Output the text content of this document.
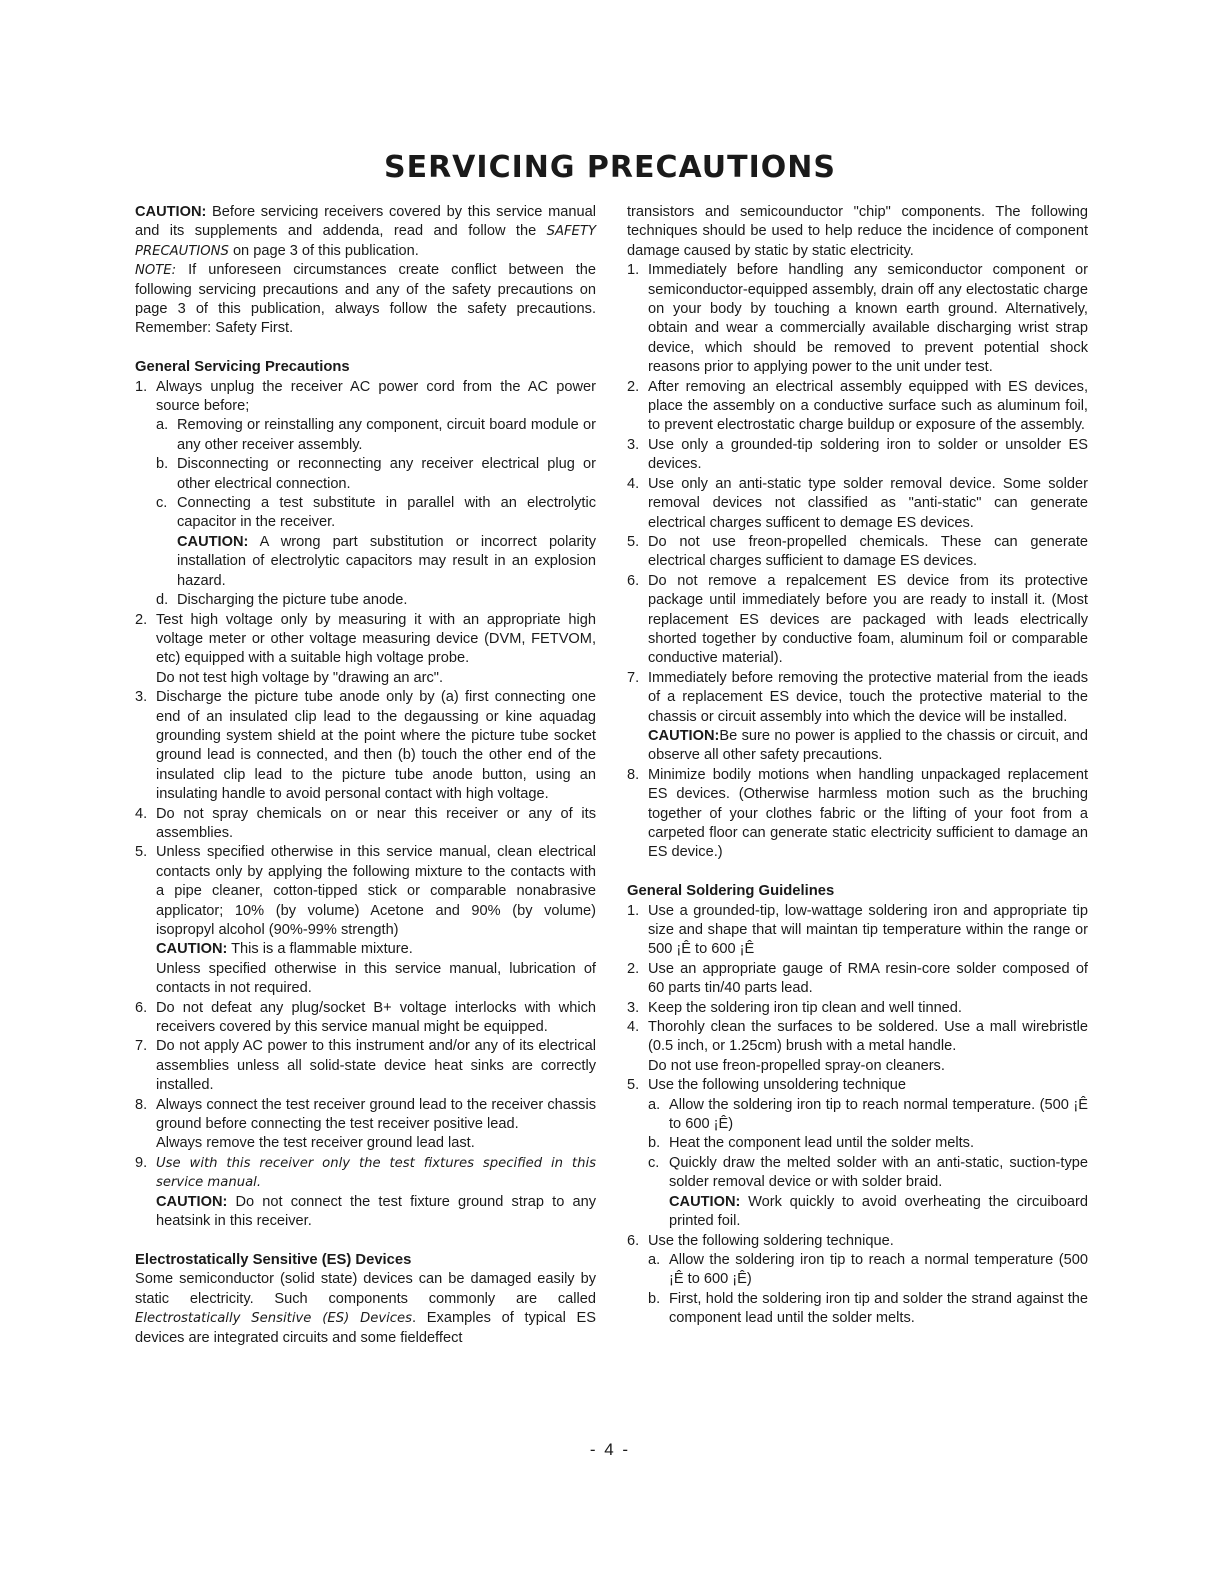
SERVICING PRECAUTIONS

CAUTION: Before servicing receivers covered by this service manual and its supplements and addenda, read and follow the SAFETY PRECAUTIONS on page 3 of this publication.

NOTE: If unforeseen circumstances create conflict between the following servicing precautions and any of the safety precautions on page 3 of this publication, always follow the safety precautions. Remember: Safety First.

General Servicing Precautions
1. Always unplug the receiver AC power cord from the AC power source before;
a. Removing or reinstalling any component, circuit board module or any other receiver assembly.
b. Disconnecting or reconnecting any receiver electrical plug or other electrical connection.
c. Connecting a test substitute in parallel with an electrolytic capacitor in the receiver.
CAUTION: A wrong part substitution or incorrect polarity installation of electrolytic capacitors may result in an explosion hazard.
d. Discharging the picture tube anode.
2. Test high voltage only by measuring it with an appropriate high voltage meter or other voltage measuring device (DVM, FETVOM, etc) equipped with a suitable high voltage probe.
Do not test high voltage by "drawing an arc".
3. Discharge the picture tube anode only by (a) first connecting one end of an insulated clip lead to the degaussing or kine aquadag grounding system shield at the point where the picture tube socket ground lead is connected, and then (b) touch the other end of the insulated clip lead to the picture tube anode button, using an insulating handle to avoid personal contact with high voltage.
4. Do not spray chemicals on or near this receiver or any of its assemblies.
5. Unless specified otherwise in this service manual, clean electrical contacts only by applying the following mixture to the contacts with a pipe cleaner, cotton-tipped stick or comparable nonabrasive applicator; 10% (by volume) Acetone and 90% (by volume) isopropyl alcohol (90%-99% strength)
CAUTION: This is a flammable mixture.
Unless specified otherwise in this service manual, lubrication of contacts in not required.
6. Do not defeat any plug/socket B+ voltage interlocks with which receivers covered by this service manual might be equipped.
7. Do not apply AC power to this instrument and/or any of its electrical assemblies unless all solid-state device heat sinks are correctly installed.
8. Always connect the test receiver ground lead to the receiver chassis ground before connecting the test receiver positive lead.
Always remove the test receiver ground lead last.
9. Use with this receiver only the test fixtures specified in this service manual.
CAUTION: Do not connect the test fixture ground strap to any heatsink in this receiver.
Electrostatically Sensitive (ES) Devices

Some semiconductor (solid state) devices can be damaged easily by static electricity. Such components commonly are called Electrostatically Sensitive (ES) Devices. Examples of typical ES devices are integrated circuits and some fieldeffect

transistors and semicounductor "chip" components. The following techniques should be used to help reduce the incidence of component damage caused by static by static electricity.

1. Immediately before handling any semiconductor component or semiconductor-equipped assembly, drain off any electostatic charge on your body by touching a known earth ground. Alternatively, obtain and wear a commercially available discharging wrist strap device, which should be removed to prevent potential shock reasons prior to applying power to the unit under test.
2. After removing an electrical assembly equipped with ES devices, place the assembly on a conductive surface such as aluminum foil, to prevent electrostatic charge buildup or exposure of the assembly.
3. Use only a grounded-tip soldering iron to solder or unsolder ES devices.
4. Use only an anti-static type solder removal device. Some solder removal devices not classified as "anti-static" can generate electrical charges sufficent to demage ES devices.
5. Do not use freon-propelled chemicals. These can generate electrical charges sufficient to damage ES devices.
6. Do not remove a repalcement ES device from its protective package until immediately before you are ready to install it. (Most replacement ES devices are packaged with leads electrically shorted together by conductive foam, aluminum foil or comparable conductive material).
7. Immediately before removing the protective material from the ieads of a replacement ES device, touch the protective material to the chassis or circuit assembly into which the device will be installed.
CAUTION:Be sure no power is applied to the chassis or circuit, and observe all other safety precautions.
8. Minimize bodily motions when handling unpackaged replacement ES devices. (Otherwise harmless motion such as the bruching together of your clothes fabric or the lifting of your foot from a carpeted floor can generate static electricity sufficient to damage an ES device.)
General Soldering Guidelines
1. Use a grounded-tip, low-wattage soldering iron and appropriate tip size and shape that will maintan tip temperature within the range or 500 ¡Ê to 600 ¡Ê
2. Use an appropriate gauge of RMA resin-core solder composed of 60 parts tin/40 parts lead.
3. Keep the soldering iron tip clean and well tinned.
4. Thorohly clean the surfaces to be soldered. Use a mall wirebristle (0.5 inch, or 1.25cm) brush with a metal handle.
Do not use freon-propelled spray-on cleaners.
5. Use the following unsoldering technique
a. Allow the soldering iron tip to reach normal temperature. (500 ¡Ê to 600 ¡Ê)
b. Heat the component lead until the solder melts.
c. Quickly draw the melted solder with an anti-static, suction-type solder removal device or with solder braid.
CAUTION: Work quickly to avoid overheating the circuiboard printed foil.
6. Use the following soldering technique.
a. Allow the soldering iron tip to reach a normal temperature (500 ¡Ê to 600 ¡Ê)
b. First, hold the soldering iron tip and solder the strand against the component lead until the solder melts.
- 4 -
